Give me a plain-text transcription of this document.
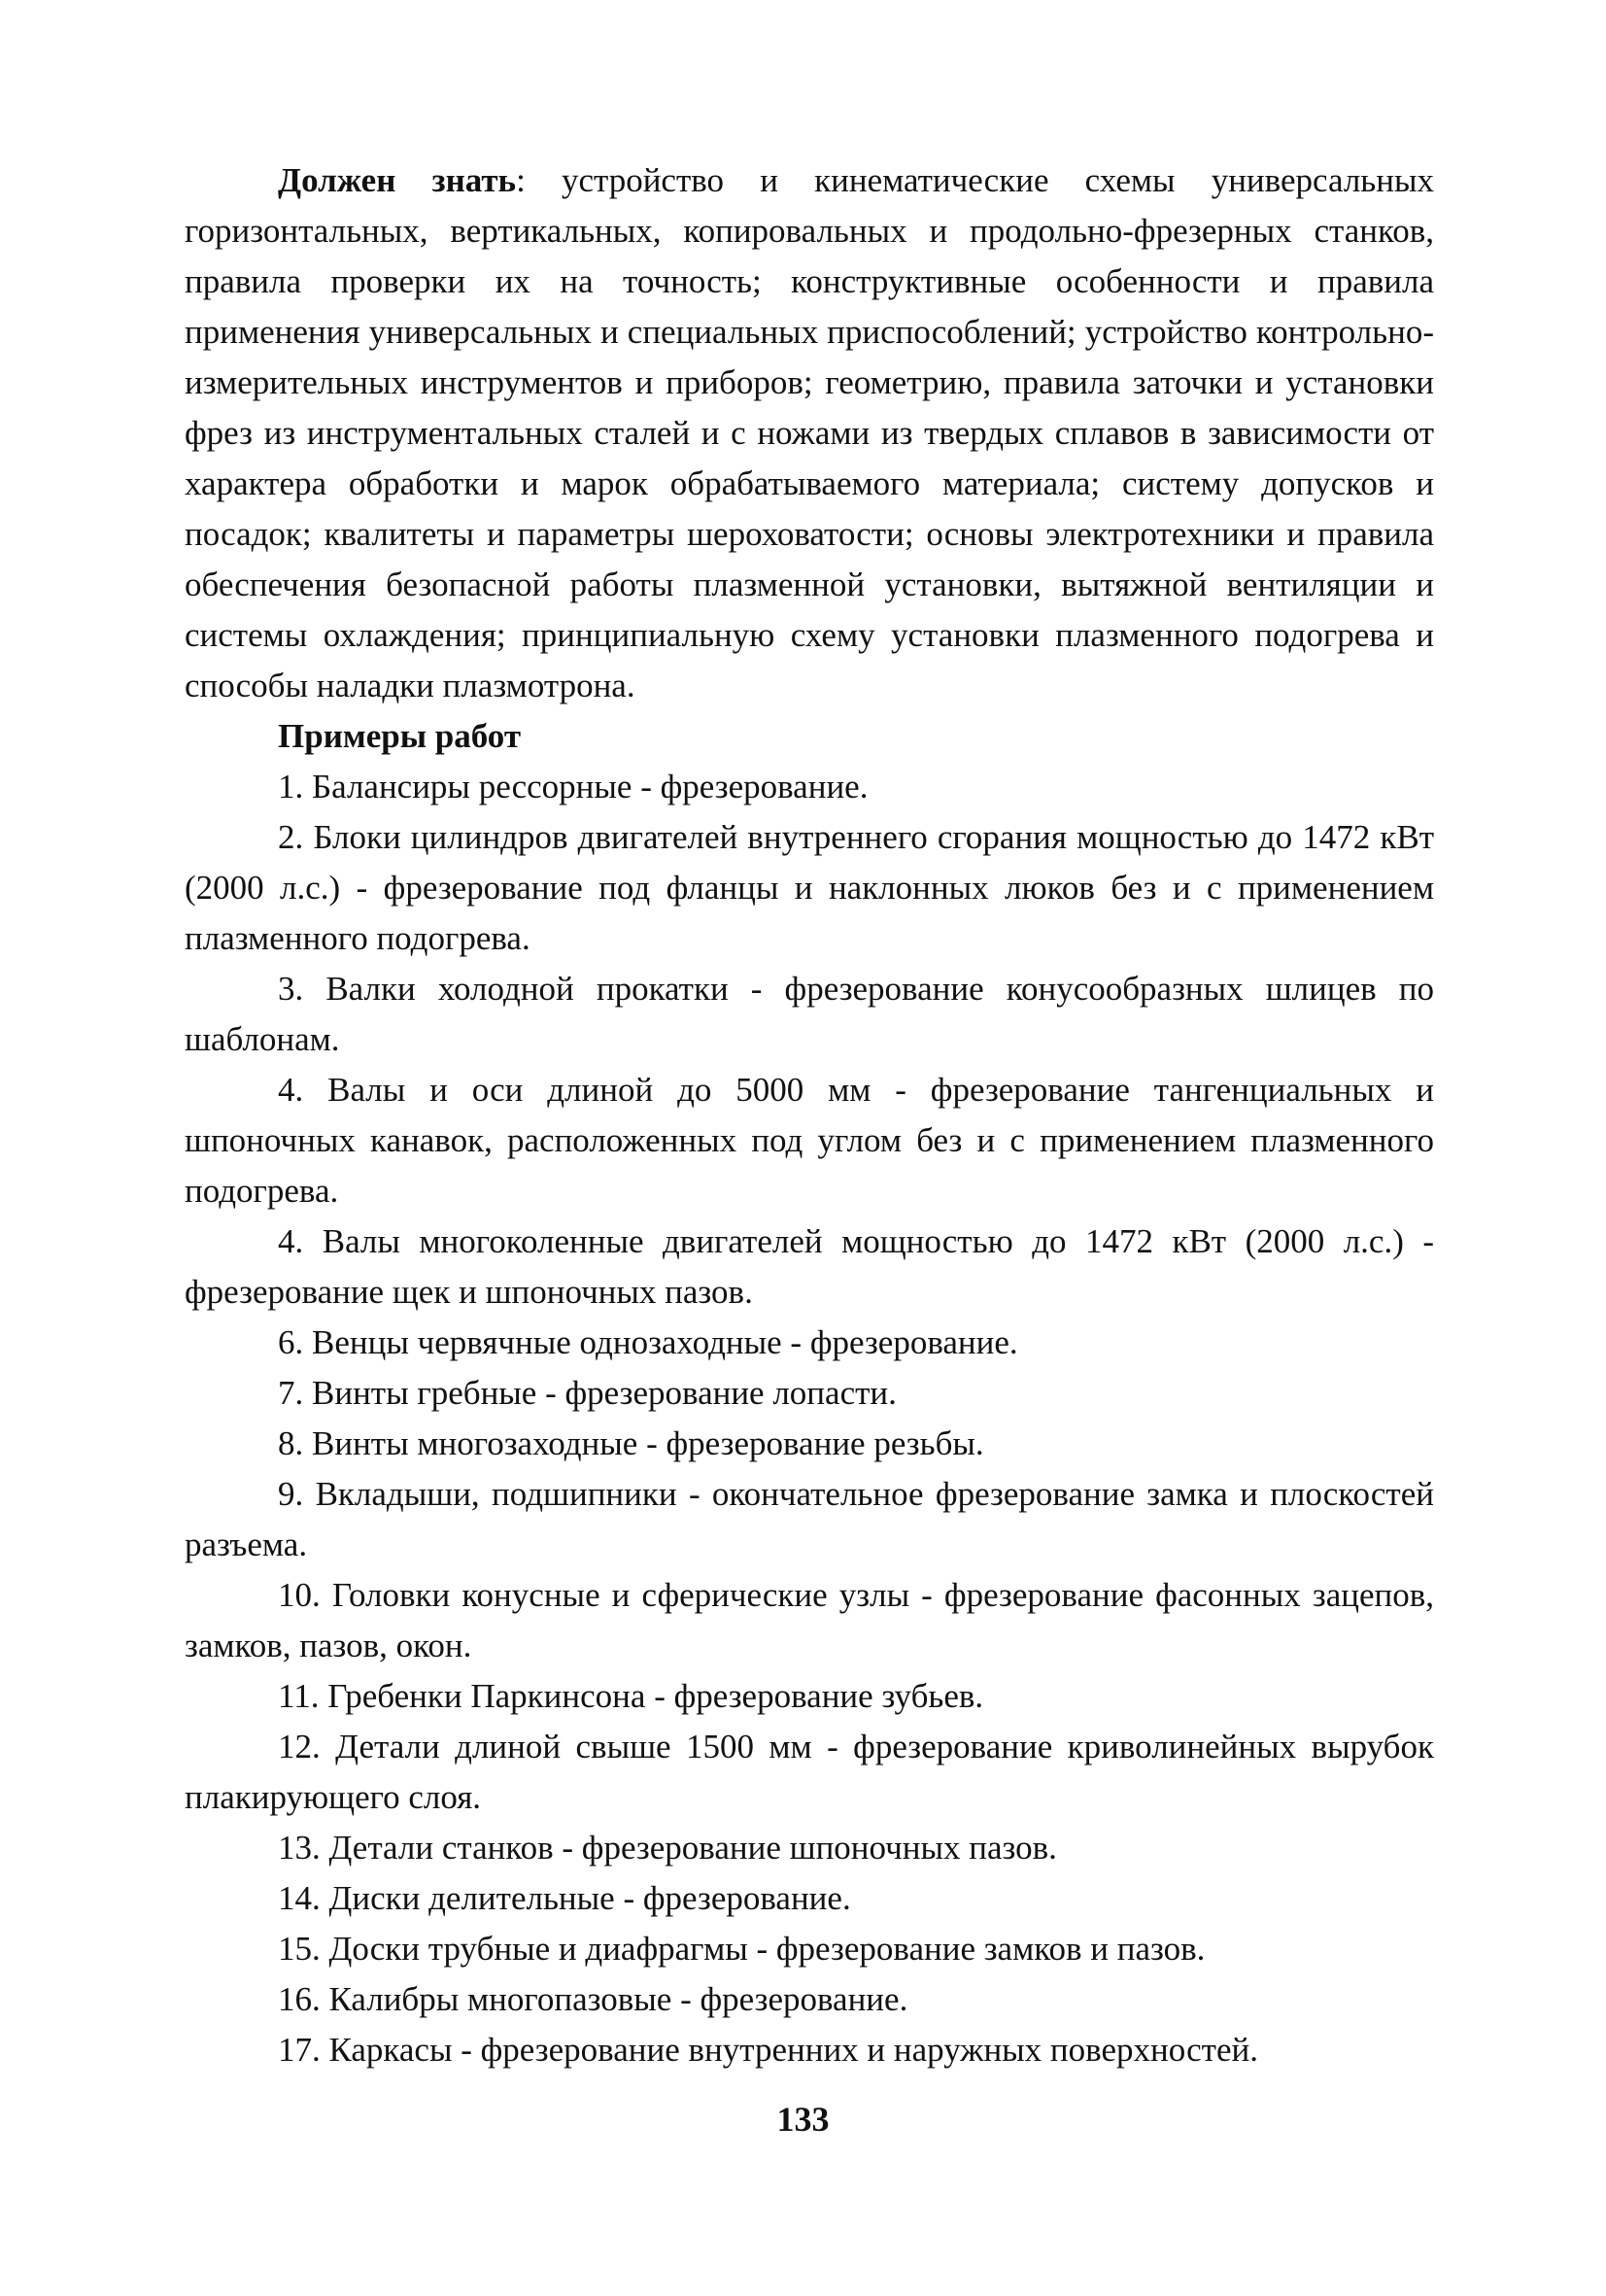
Должен знать: устройство и кинематические схемы универсальных горизонтальных, вертикальных, копировальных и продольно-фрезерных станков, правила проверки их на точность; конструктивные особенности и правила применения универсальных и специальных приспособлений; устройство контрольно-измерительных инструментов и приборов; геометрию, правила заточки и установки фрез из инструментальных сталей и с ножами из твердых сплавов в зависимости от характера обработки и марок обрабатываемого материала; систему допусков и посадок; квалитеты и параметры шероховатости; основы электротехники и правила обеспечения безопасной работы плазменной установки, вытяжной вентиляции и системы охлаждения; принципиальную схему установки плазменного подогрева и способы наладки плазмотрона.

Примеры работ

1. Балансиры рессорные - фрезерование.

2. Блоки цилиндров двигателей внутреннего сгорания мощностью до 1472 кВт (2000 л.с.) - фрезерование под фланцы и наклонных люков без и с применением плазменного подогрева.

3. Валки холодной прокатки - фрезерование конусообразных шлицев по шаблонам.

4. Валы и оси длиной до 5000 мм - фрезерование тангенциальных и шпоночных канавок, расположенных под углом без и с применением плазменного подогрева.

4. Валы многоколенные двигателей мощностью до 1472 кВт (2000 л.с.) - фрезерование щек и шпоночных пазов.

6. Венцы червячные однозаходные - фрезерование.

7. Винты гребные - фрезерование лопасти.

8. Винты многозаходные - фрезерование резьбы.

9. Вкладыши, подшипники - окончательное фрезерование замка и плоскостей разъема.

10. Головки конусные и сферические узлы - фрезерование фасонных зацепов, замков, пазов, окон.

11. Гребенки Паркинсона - фрезерование зубьев.

12. Детали длиной свыше 1500 мм - фрезерование криволинейных вырубок плакирующего слоя.

13. Детали станков - фрезерование шпоночных пазов.

14. Диски делительные - фрезерование.

15. Доски трубные и диафрагмы - фрезерование замков и пазов.

16. Калибры многопазовые - фрезерование.

17. Каркасы - фрезерование внутренних и наружных поверхностей.

133
